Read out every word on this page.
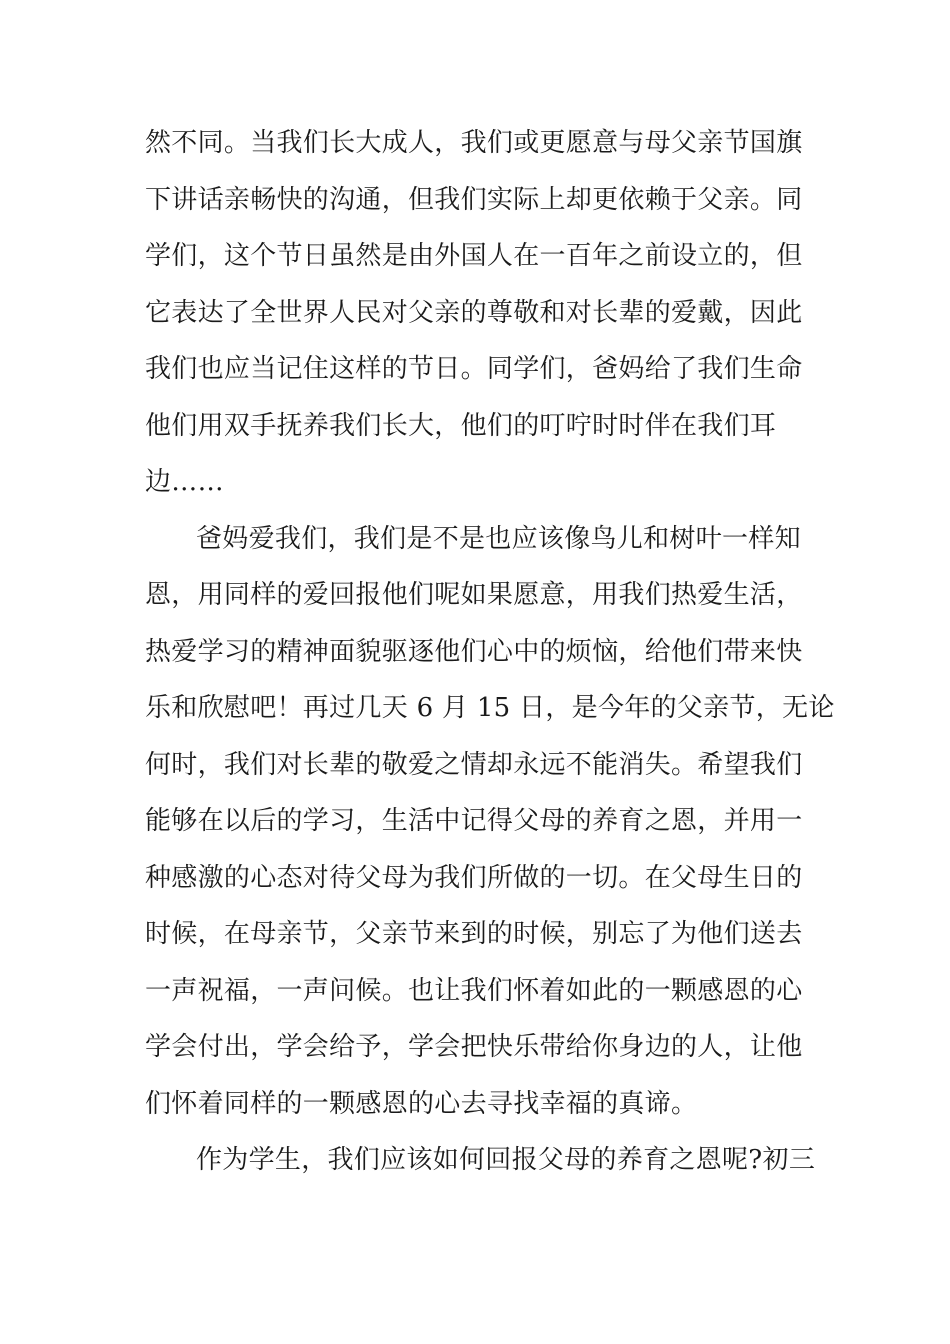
然不同。当我们长大成人，我们或更愿意与母父亲节国旗
下讲话亲畅快的沟通，但我们实际上却更依赖于父亲。同
学们，这个节日虽然是由外国人在一百年之前设立的，但
它表达了全世界人民对父亲的尊敬和对长辈的爱戴，因此
我们也应当记住这样的节日。同学们，爸妈给了我们生命
他们用双手抚养我们长大，他们的叮咛时时伴在我们耳
边……
爸妈爱我们，我们是不是也应该像鸟儿和树叶一样知
恩，用同样的爱回报他们呢如果愿意，用我们热爱生活，
热爱学习的精神面貌驱逐他们心中的烦恼，给他们带来快
乐和欣慰吧！再过几天 6 月 15 日，是今年的父亲节，无论
何时，我们对长辈的敬爱之情却永远不能消失。希望我们
能够在以后的学习，生活中记得父母的养育之恩，并用一
种感激的心态对待父母为我们所做的一切。在父母生日的
时候，在母亲节，父亲节来到的时候，别忘了为他们送去
一声祝福，一声问候。也让我们怀着如此的一颗感恩的心
学会付出，学会给予，学会把快乐带给你身边的人，让他
们怀着同样的一颗感恩的心去寻找幸福的真谛。
作为学生，我们应该如何回报父母的养育之恩呢?初三
